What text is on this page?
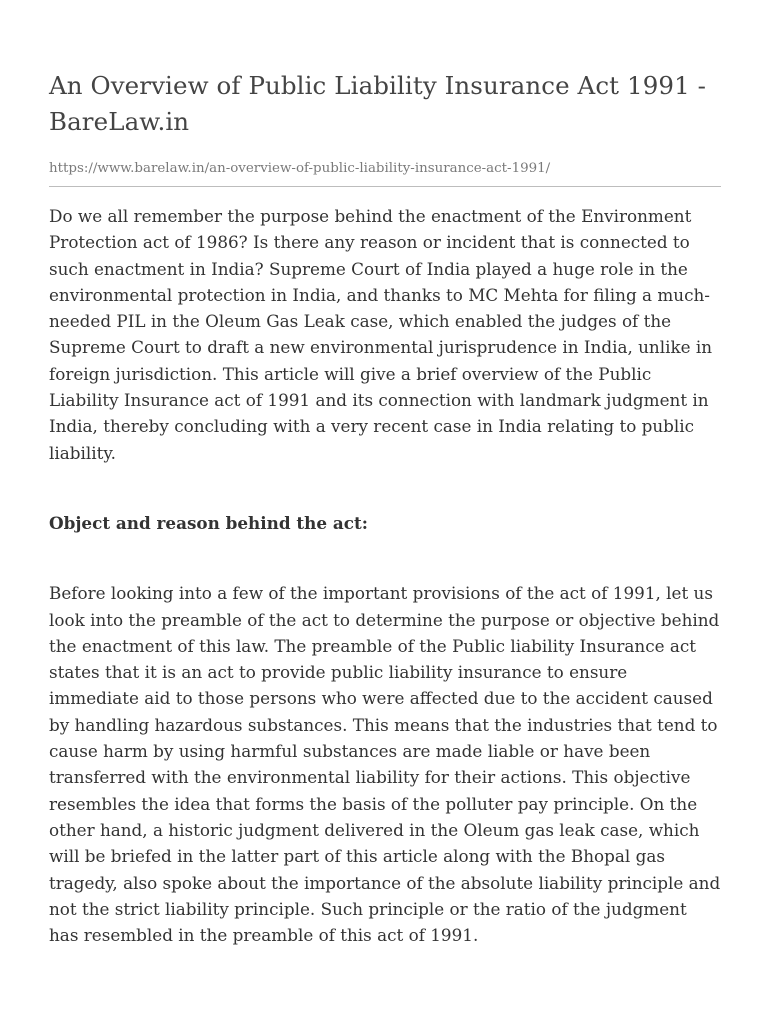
An Overview of Public Liability Insurance Act 1991 - BareLaw.in
https://www.barelaw.in/an-overview-of-public-liability-insurance-act-1991/

Do we all remember the purpose behind the enactment of the Environment Protection act of 1986? Is there any reason or incident that is connected to such enactment in India? Supreme Court of India played a huge role in the environmental protection in India, and thanks to MC Mehta for filing a much-needed PIL in the Oleum Gas Leak case, which enabled the judges of the Supreme Court to draft a new environmental jurisprudence in India, unlike in foreign jurisdiction. This article will give a brief overview of the Public Liability Insurance act of 1991 and its connection with landmark judgment in India, thereby concluding with a very recent case in India relating to public liability.

Object and reason behind the act:

Before looking into a few of the important provisions of the act of 1991, let us look into the preamble of the act to determine the purpose or objective behind the enactment of this law. The preamble of the Public liability Insurance act states that it is an act to provide public liability insurance to ensure immediate aid to those persons who were affected due to the accident caused by handling hazardous substances. This means that the industries that tend to cause harm by using harmful substances are made liable or have been transferred with the environmental liability for their actions. This objective resembles the idea that forms the basis of the polluter pay principle. On the other hand, a historic judgment delivered in the Oleum gas leak case, which will be briefed in the latter part of this article along with the Bhopal gas tragedy, also spoke about the importance of the absolute liability principle and not the strict liability principle. Such principle or the ratio of the judgment has resembled in the preamble of this act of 1991.
